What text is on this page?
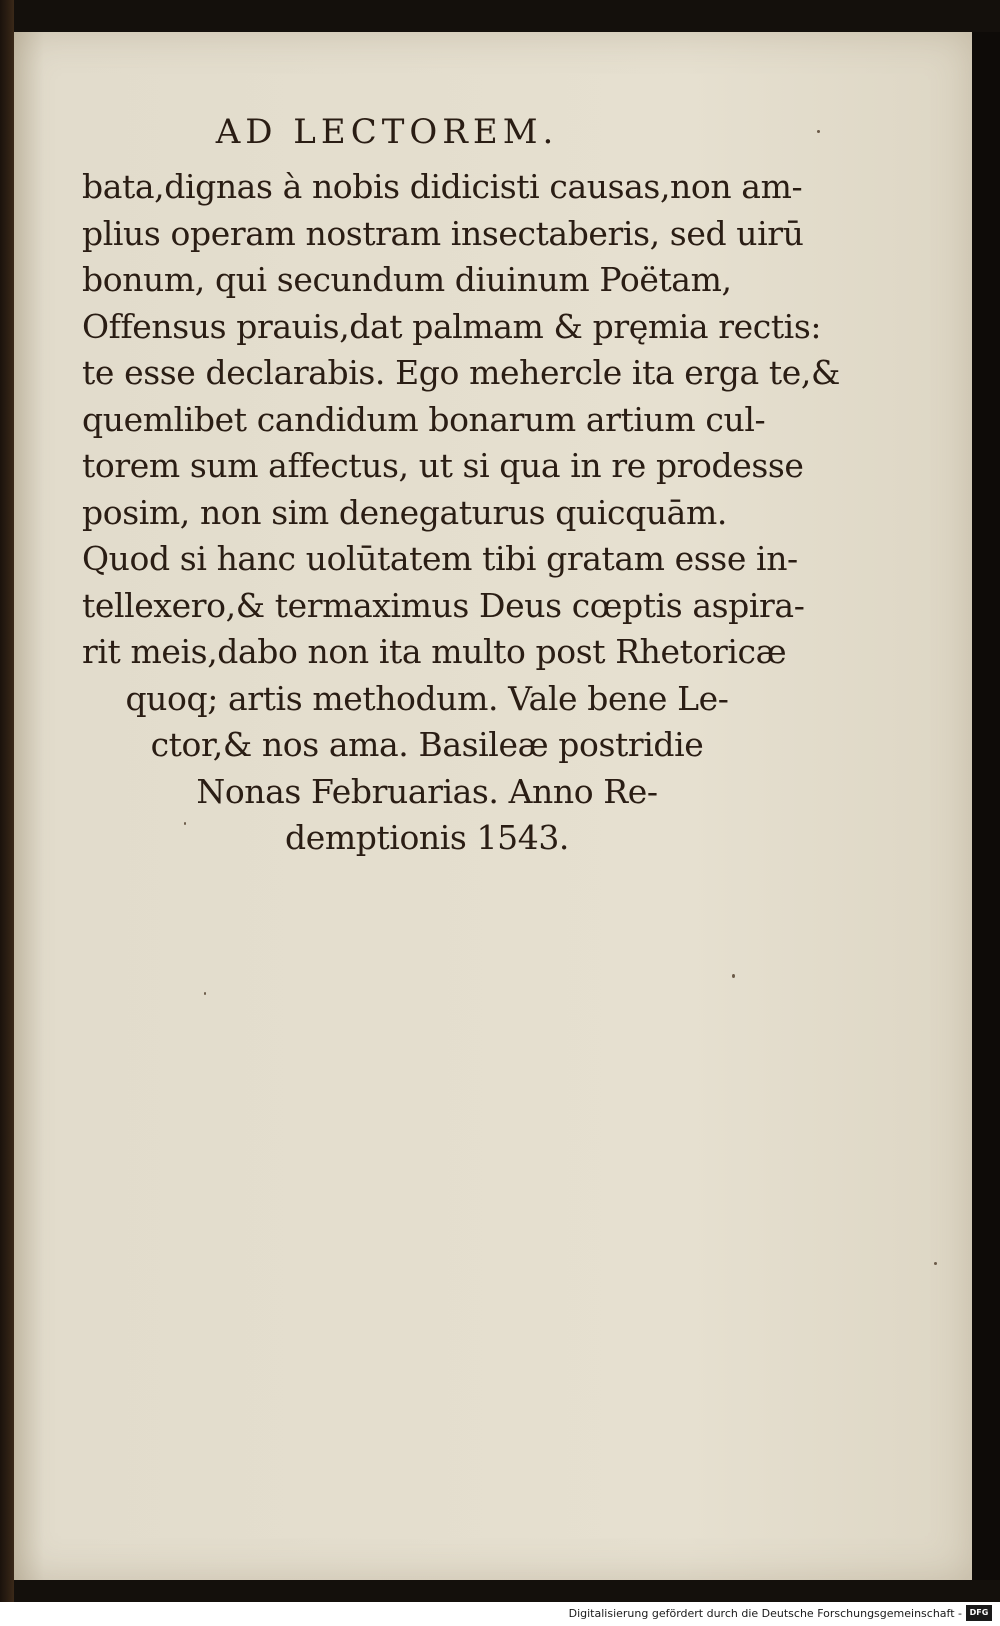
AD LECTOREM.
bata,dignas à nobis didicisti causas,non am-
plius operam nostram insectaberis, sed uirū
bonum, qui secundum diuinum Poëtam,
Offensus prauis,dat palmam & pręmia rectis:
te esse declarabis. Ego mehercle ita erga te,&
quemlibet candidum bonarum artium cul-
torem sum affectus, ut si qua in re prodesse
posim, non sim denegaturus quicquām.
Quod si hanc uolūtatem tibi gratam esse in-
tellexero,& termaximus Deus cœptis aspira-
rit meis,dabo non ita multo post Rhetoricæ
quoq; artis methodum. Vale bene Le-
ctor,& nos ama. Basileæ postridie
Nonas Februarias. Anno Re-
demptionis 1543.
Digitalisierung gefördert durch die Deutsche Forschungsgemeinschaft - DFG
